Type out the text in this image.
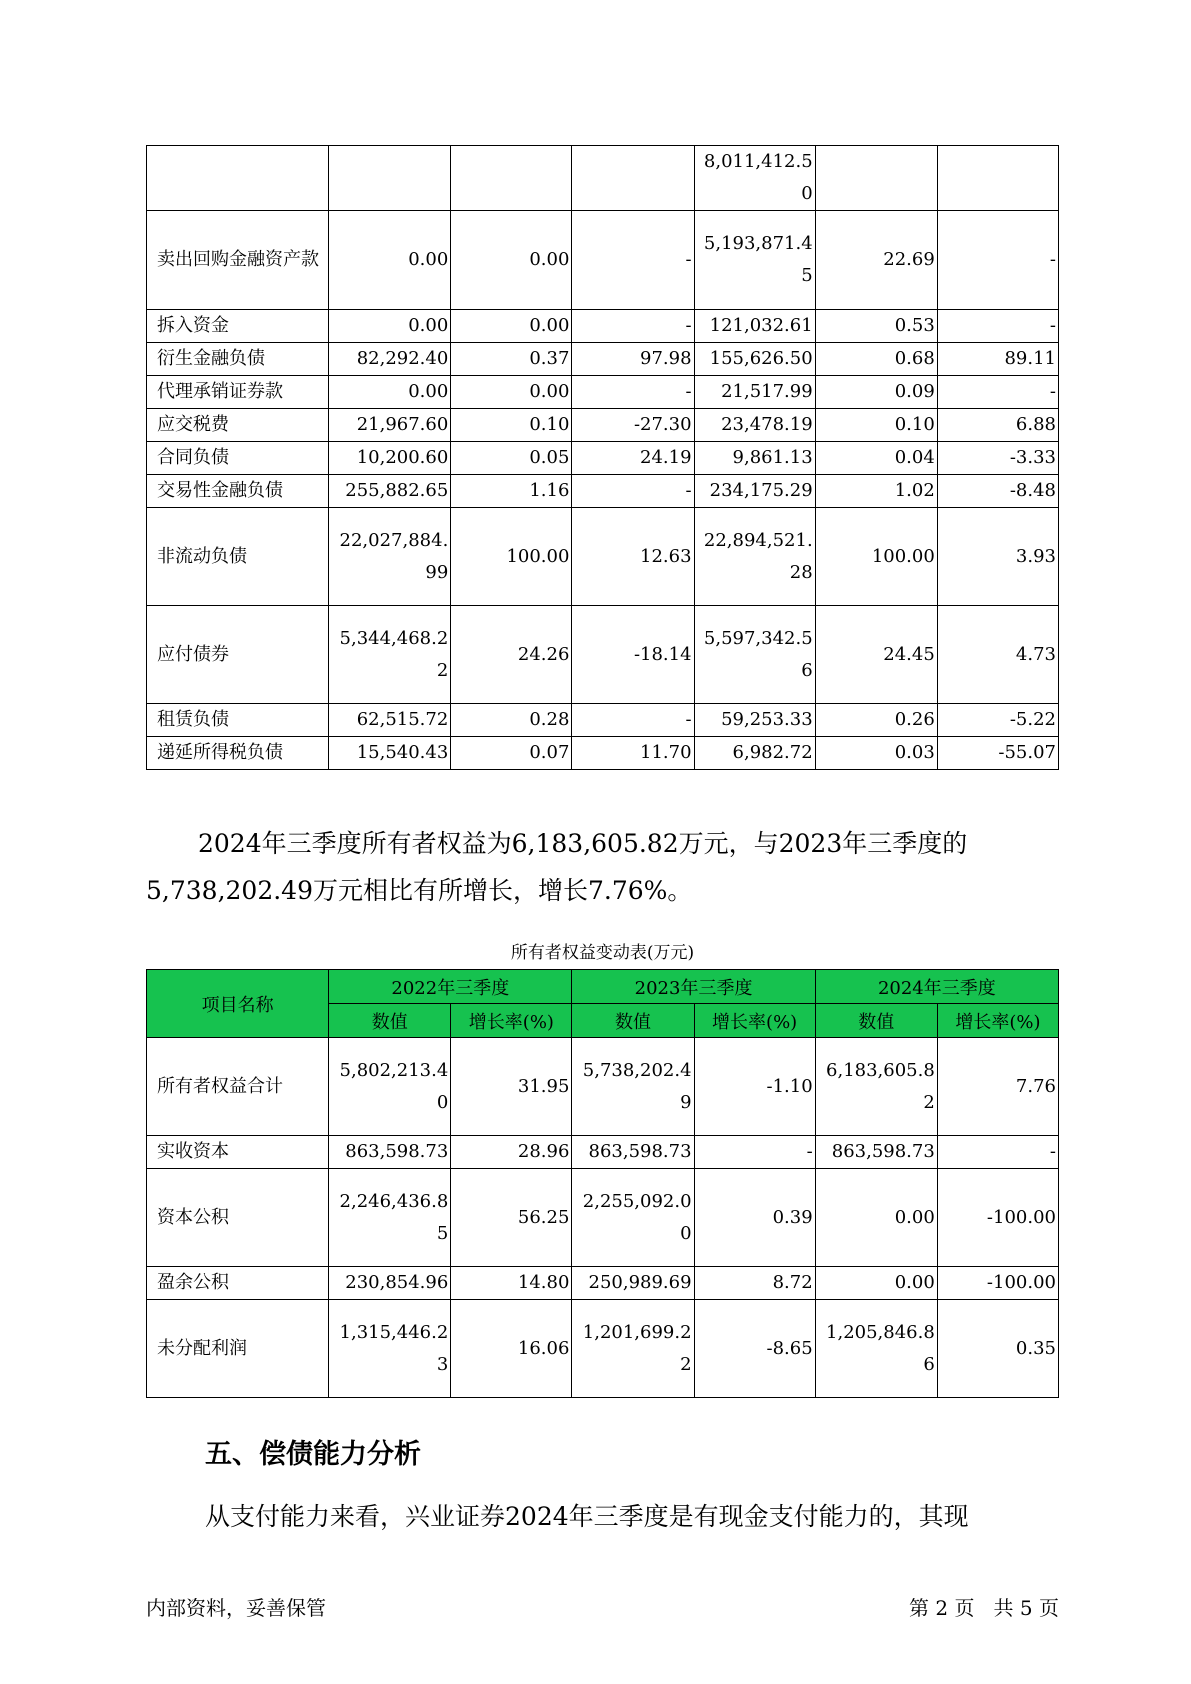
				8,011,412.50		
卖出回购金融资产款	0.00	0.00	-	5,193,871.45	22.69	-
拆入资金	0.00	0.00	-	121,032.61	0.53	-
衍生金融负债	82,292.40	0.37	97.98	155,626.50	0.68	89.11
代理承销证券款	0.00	0.00	-	21,517.99	0.09	-
应交税费	21,967.60	0.10	-27.30	23,478.19	0.10	6.88
合同负债	10,200.60	0.05	24.19	9,861.13	0.04	-3.33
交易性金融负债	255,882.65	1.16	-	234,175.29	1.02	-8.48
非流动负债	22,027,884.99	100.00	12.63	22,894,521.28	100.00	3.93
应付债券	5,344,468.22	24.26	-18.14	5,597,342.56	24.45	4.73
租赁负债	62,515.72	0.28	-	59,253.33	0.26	-5.22
递延所得税负债	15,540.43	0.07	11.70	6,982.72	0.03	-55.07
2024年三季度所有者权益为6,183,605.82万元，与2023年三季度的
5,738,202.49万元相比有所增长，增长7.76%。
所有者权益变动表(万元)
项目名称	2022年三季度		2023年三季度		2024年三季度	
	数值	增长率(%)	数值	增长率(%)	数值	增长率(%)
所有者权益合计	5,802,213.40	31.95	5,738,202.49	-1.10	6,183,605.82	7.76
实收资本	863,598.73	28.96	863,598.73	-	863,598.73	-
资本公积	2,246,436.85	56.25	2,255,092.00	0.39	0.00	-100.00
盈余公积	230,854.96	14.80	250,989.69	8.72	0.00	-100.00
未分配利润	1,315,446.23	16.06	1,201,699.22	-8.65	1,205,846.86	0.35
五、偿债能力分析
从支付能力来看，兴业证券2024年三季度是有现金支付能力的，其现
内部资料，妥善保管	第 2 页   共 5 页
